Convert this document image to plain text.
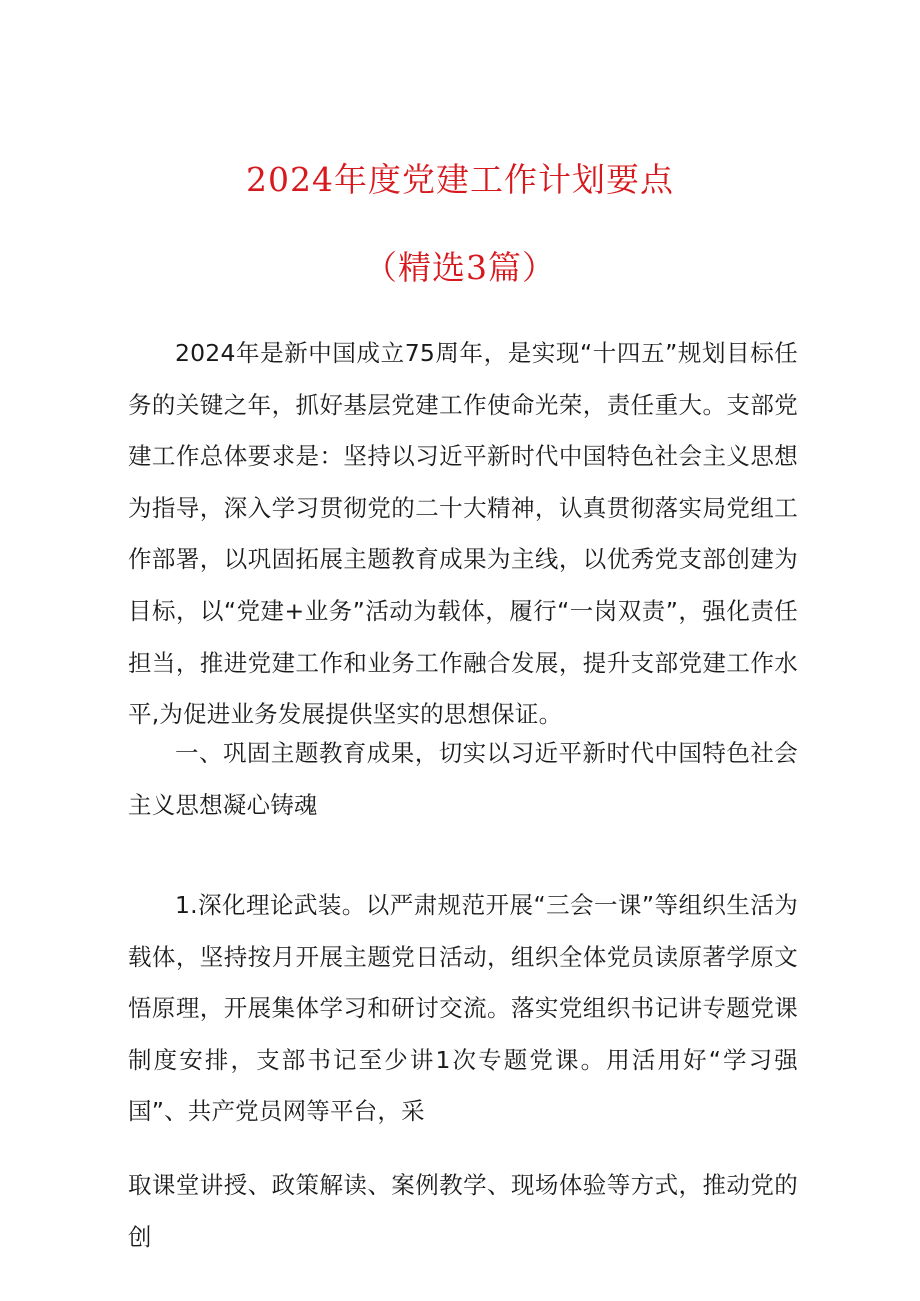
2024年度党建工作计划要点
（精选3篇）

2024年是新中国成立75周年，是实现“十四五”规划目标任务的关键之年，抓好基层党建工作使命光荣，责任重大。支部党建工作总体要求是：坚持以习近平新时代中国特色社会主义思想为指导，深入学习贯彻党的二十大精神，认真贯彻落实局党组工作部署，以巩固拓展主题教育成果为主线，以优秀党支部创建为目标，以“党建+业务”活动为载体，履行“一岗双责”，强化责任担当，推进党建工作和业务工作融合发展，提升支部党建工作水平,为促进业务发展提供坚实的思想保证。

一、巩固主题教育成果，切实以习近平新时代中国特色社会主义思想凝心铸魂

1.深化理论武装。以严肃规范开展“三会一课”等组织生活为载体，坚持按月开展主题党日活动，组织全体党员读原著学原文悟原理，开展集体学习和研讨交流。落实党组织书记讲专题党课制度安排，支部书记至少讲1次专题党课。用活用好“学习强国”、共产党员网等平台，采

取课堂讲授、政策解读、案例教学、现场体验等方式，推动党的创
